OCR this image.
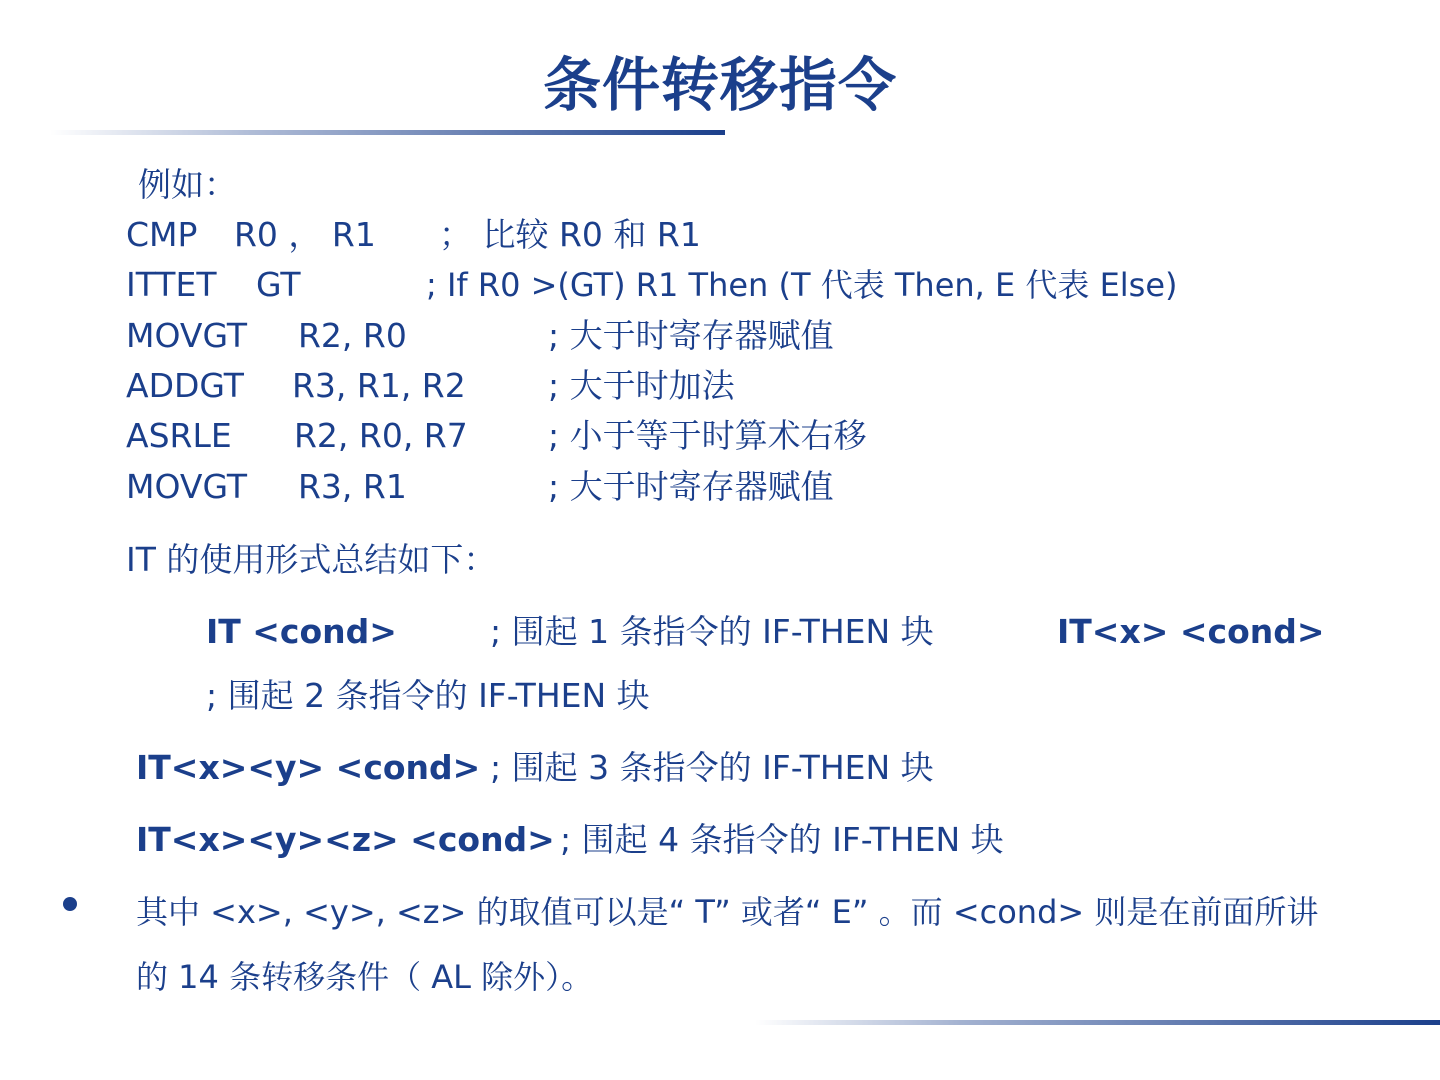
条件转移指令
例如：
CMP R0 ， R1 ； 比较 R0 和 R1
ITTET GT	; If R0 >(GT) R1 Then (T 代表 Then, E 代表 Else)
MOVGT R2, R0	; 大于时寄存器赋值
ADDGT R3, R1, R2 ; 大于时加法
ASRLE R2, R0, R7 ; 小于等于时算术右移
MOVGT R3, R1	; 大于时寄存器赋值
IT 的使用形式总结如下：
IT <cond>	; 围起 1 条指令的 IF-THEN 块	IT<x> <cond>
; 围起 2 条指令的 IF-THEN 块
IT<x><y> <cond> ; 围起 3 条指令的 IF-THEN 块
IT<x><y><z> <cond> ; 围起 4 条指令的 IF-THEN 块
其中 <x>, <y>, <z> 的取值可以是“ T” 或者“ E” 。而 <cond> 则是在前面所讲
的 14 条转移条件（ AL 除外）。
